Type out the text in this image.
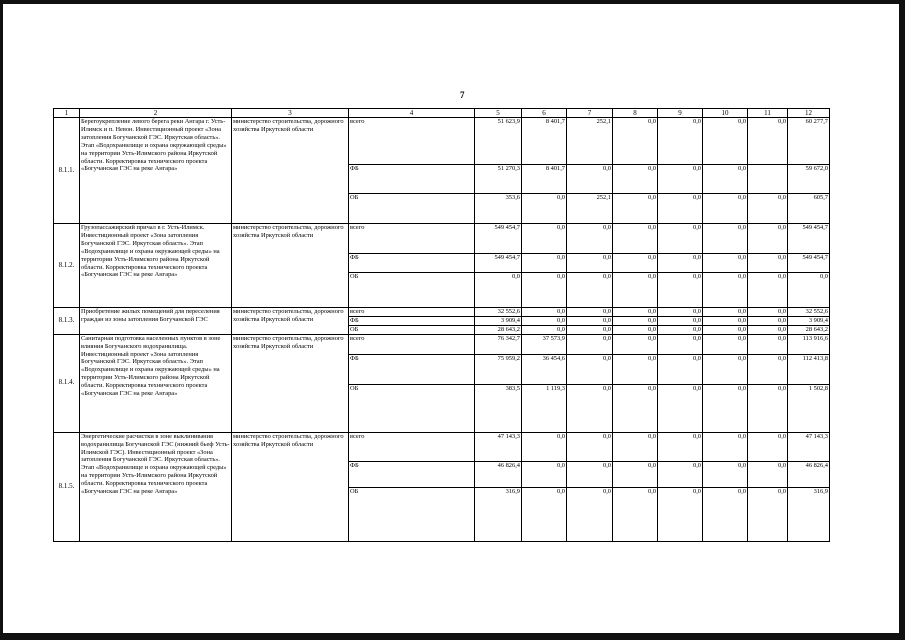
7
1	2	3	4	5	6	7	8	9	10	11	12
8.1.1.	Берегоукрепление левого берега реки Ангара г. Усть-Илимск и п. Невон. Инвестиционный проект «Зона затопления Богучанской ГЭС. Иркутская область». Этап «Водохранилище и охрана окружающей среды» на территории Усть-Илимского района Иркутской области. Корректировка технического проекта «Богучанская ГЭС на реке Ангара»	министерство строительства, дорожного хозяйства Иркутской области	всего	51 623,9	8 401,7	252,1	0,0	0,0	0,0	0,0	60 277,7
			ФБ	51 270,3	8 401,7	0,0	0,0	0,0	0,0		59 672,0
			ОБ	353,6	0,0	252,1	0,0	0,0	0,0	0,0	605,7
8.1.2.	Грузопассажирский причал в г. Усть-Илимск. Инвестиционный проект «Зона затопления Богучанской ГЭС. Иркутская область». Этап «Водохранилище и охрана окружающей среды» на территории Усть-Илимского района Иркутской области. Корректировка технического проекта «Богучанская ГЭС на реке Ангара»	министерство строительства, дорожного хозяйства Иркутской области	всего	549 454,7	0,0	0,0	0,0	0,0	0,0	0,0	549 454,7
			ФБ	549 454,7	0,0	0,0	0,0	0,0	0,0	0,0	549 454,7
			ОБ	0,0	0,0	0,0	0,0	0,0	0,0	0,0	0,0
8.1.3.	Приобретение жилых помещений для переселения граждан из зоны затопления Богучанской ГЭС	министерство строительства, дорожного хозяйства Иркутской области	всего	32 552,6	0,0	0,0	0,0	0,0	0,0	0,0	32 552,6
			ФБ	3 909,4	0,0	0,0	0,0	0,0	0,0	0,0	3 909,4
			ОБ	28 643,2	0,0	0,0	0,0	0,0	0,0	0,0	28 643,2
8.1.4.	Санитарная подготовка населенных пунктов в зоне влияния Богучанского водохранилища. Инвестиционный проект «Зона затопления Богучанской ГЭС. Иркутская область». Этап «Водохранилище и охрана окружающей среды» на территории Усть-Илимского района Иркутской области. Корректировка технического проекта «Богучанская ГЭС на реке Ангара»	министерство строительства, дорожного хозяйства Иркутской области	всего	76 342,7	37 573,9	0,0	0,0	0,0	0,0	0,0	113 916,6
			ФБ	75 959,2	36 454,6	0,0	0,0	0,0	0,0	0,0	112 413,8
			ОБ	383,5	1 119,3	0,0	0,0	0,0	0,0	0,0	1 502,8
8.1.5.	Энергетические расчистки в зоне выклинивания водохранилища Богучанской ГЭС (нижний бьеф Усть-Илимской ГЭС). Инвестиционный проект «Зона затопления Богучанской ГЭС. Иркутская область». Этап «Водохранилище и охрана окружающей среды» на территории Усть-Илимского района Иркутской области. Корректировка технического проекта «Богучанская ГЭС на реке Ангара»	министерство строительства, дорожного хозяйства Иркутской области	всего	47 143,3	0,0	0,0	0,0	0,0	0,0	0,0	47 143,3
			ФБ	46 826,4	0,0	0,0	0,0	0,0	0,0	0,0	46 826,4
			ОБ	316,9	0,0	0,0	0,0	0,0	0,0	0,0	316,9
